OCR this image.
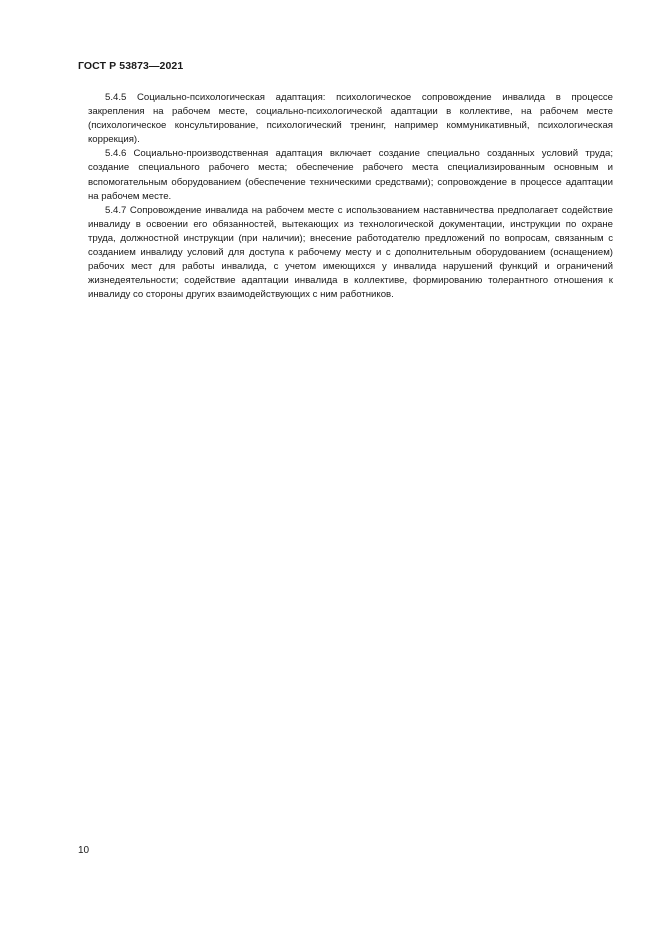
ГОСТ Р 53873—2021

5.4.5 Социально-психологическая адаптация: психологическое сопровождение инвалида в процессе закрепления на рабочем месте, социально-психологической адаптации в коллективе, на рабочем месте (психологическое консультирование, психологический тренинг, например коммуникативный, психологическая коррекция).

5.4.6 Социально-производственная адаптация включает создание специально созданных условий труда; создание специального рабочего места; обеспечение рабочего места специализированным основным и вспомогательным оборудованием (обеспечение техническими средствами); сопровождение в процессе адаптации на рабочем месте.

5.4.7 Сопровождение инвалида на рабочем месте с использованием наставничества предполагает содействие инвалиду в освоении его обязанностей, вытекающих из технологической документации, инструкции по охране труда, должностной инструкции (при наличии); внесение работодателю предложений по вопросам, связанным с созданием инвалиду условий для доступа к рабочему месту и с дополнительным оборудованием (оснащением) рабочих мест для работы инвалида, с учетом имеющихся у инвалида нарушений функций и ограничений жизнедеятельности; содействие адаптации инвалида в коллективе, формированию толерантного отношения к инвалиду со стороны других взаимодействующих с ним работников.

10
